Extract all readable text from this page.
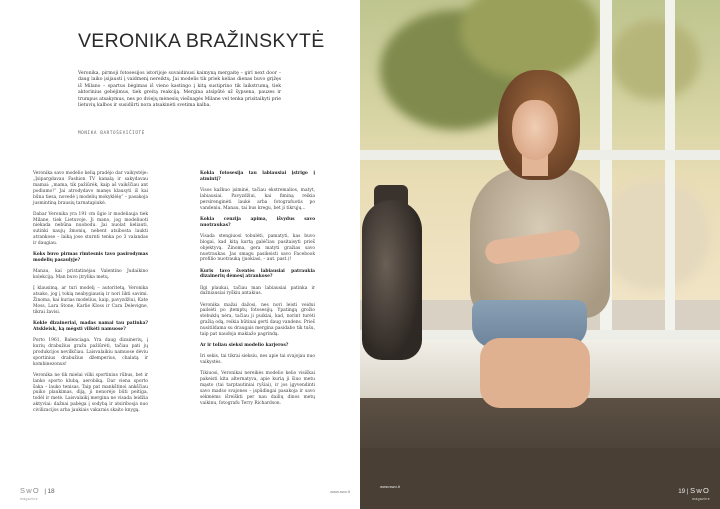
VERONIKA BRAŽINSKYTĖ
Veronika, pirmoji fotosesijos istorijoje suvaidinusi kaimyną mergaitę – girl next door – daug laiko įsijausti į vaidmenį nereiktų. Jai modelis tik priek kelias dienas buvo grįžęs iš Milano – spartus bėgimas iš vieno kastingo į kitą sustiprino tik laikstrumą, tiek aktorinius gebėjimus, tiek greitą reakciją. Mergina atsipūtė už šypsena, pauzes ir trumpus atsakymus, nes po dviejų mėnesių viešnagės Milane vel tenka prisitaikyti prie lietuvių kalbos ir susidūrti nora atsakinėti svetima kalba.
MONIKA BARTOŠEVIČIŪTĖ

Veronika savo modelio kelią pradėjo dar vaikystėje: „Įsipargdavau Fashion TV kanalą ir sakydavau mamai: „mama, tik pažiūrėk, kaip aš vaikščiau ant podiumo!“ Jai atrodydavo manęs klausyti iš kai būna tiesa, novedė į modelių mokyklėlę“ – pasakoja jusmintiną brausių tarnatapiukė.

Dabar Veronika yra 191 cm ūgio ir modeliauja tiek Milane, tiek Lietuvoje. Ji mano, jog modeliuoti niekada nebūna nuobodu. Jai nuolat keliauti, sutinki naujų žmonių, nebent atsibosta laukti atrankose – laiką jose sturnti tenka po 3 valandas ir daugiau.

Koks buvo pirmas rimtesnis tavo pasirodymas modelių pasaulyje?

Manau, kai pristatinėjau Valentino Judaikino kolekciją. Man buvo įtrylika metų.

Į klausimą, ar turi modelį – autoritetą, Veronika atsako, jog į tokią neabygiausią ir nori likti savimi. Žinoma, kai kurias modelius, kaip, pavyzdžiui, Kate Moss, Lara Stone, Karlie Kloss ir Cara Delevigne, tikrai žavisi.

Kokie dizaineriai, madas namai tau patinka? Atskleisk, ką mėgsti vilkėti namuose?

Porto 1961, Balenciaga. Yra daug dizainerių, į kurių drabužius gražu pažiūrėti, tačiau pati jų produkcijos nevilkčiau. Laisvalaikiu namuose dėviu sportinius drabužius džemperius, chalatą ir kombinezonus!

Veronika ne tik mielai vilki sportinius rūbus, bet ir lanko sporto klubą, aerobiką. Dar viena sporto šaka – lauko tenisas. Taip pat mankštinoi ankščiau puiko plaukimas, diją, ji nenorėjo būti peitiga, todėl ir metė. Laisvalaikį mergina ne visada leidžia aktyviai: dažnai pabėga į sodybą ir atsiribosja nuo civilizacijos arba jaukiais vakarais skaito knygą.

Kokia fotosesija tau labiausiai įstrigo į atmintį?

Visos kažkuo įsiminė, tačiau ekstremalios, matyt, labiausiai. Pavyzdžiui, kai fiminą reikia persirenginėti laukė arba fotografuotis po vandeniu. Manau, tai bus kregu, bet ji tikrųjų...

Kokia cenzija apima, išvydus savo nuotraukas?

Visada stengiuosi tobulėti, pamatyti, kas buvo blogai, kad kitą kartą galėčiau pasitaisyti prieš objektyvą. Žinoma, gera matyti gražias savo nuotraukas. Jas smagu pasikeisti savo Facebook profilio nuotrauką (juokiasi, – aut. past.)!

Kuris tavo šventės labiausiai patraukia dizainerių dėmesį atrankose?

Ilgi plaukai, tačiau man labiausiai patinka ir dažniausiai ryškiu antakius.

Veronika mažai dažosi, nes nori leisti veidui pailsėti po įtemptų fotosesijų. Ypatingą grožio stebuklų nėra, tačiau ji puikiai, kad, norint turėti gražią odą, reikia būtinai gerti daug vandens. Prieš nusitildama su draugais mergina pasidabo tik tušu, taip pat naudoja makiažo pagrindą.

Ar ir toliau sieksi modelio karjeros?

Iri sekis, tai tikrai sieksiu, nes apie tai svajojau nuo vaikystės.

Tikiuosi, Veronikai nereikės modelio kelio visiškai pakeisti kita alternatyva, apie kurią ji šiuo metu mąsto (tai tarptautiniai ryšiai), ir jos įgyvendinti savo madso svajones – įspūdingai pasakoja ir savo sėkmėms išreiškti per nau dailių dinos metų vaikinu, fotografu Terry Richardson.

SwO | 18
magazine
www.swo.lt
www.swo.lt
19 | SwO
magazine
